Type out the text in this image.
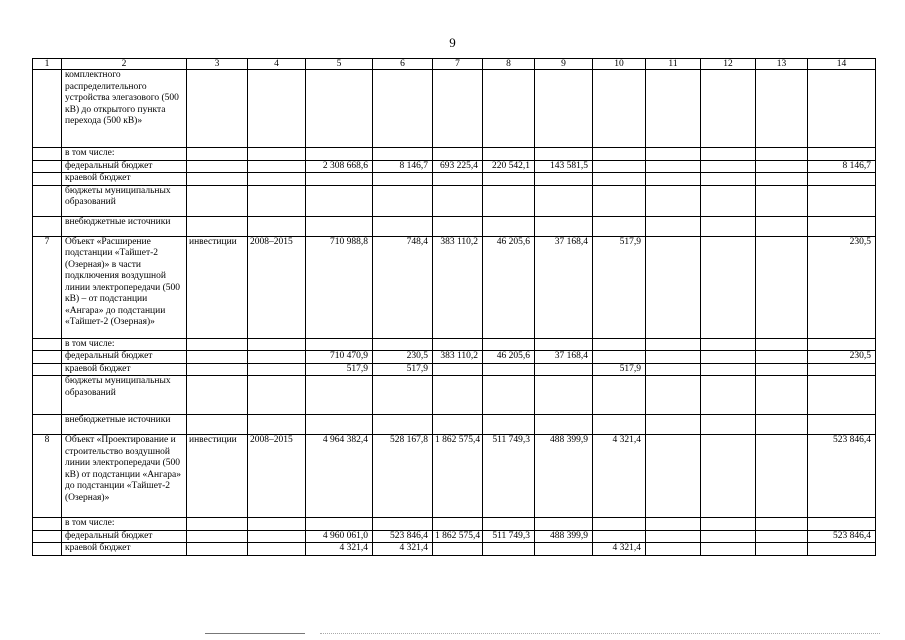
9
1	2	3	4	5	6	7	8	9	10	11	12	13	14
	комплектного распределительного устройства элегазового (500 кВ) до открытого пункта перехода (500 кВ)»												
	в том числе:												
	федеральный бюджет			2 308 668,6	8 146,7	693 225,4	220 542,1	143 581,5					8 146,7
	краевой бюджет												
	бюджеты муниципальных образований												
	внебюджетные источники												
7	Объект «Расширение подстанции «Тайшет-2 (Озерная)» в части подключения воздушной линии электропередачи (500 кВ) – от подстанции «Ангара» до подстанции «Тайшет-2 (Озерная)»	инвестиции	2008–2015	710 988,8	748,4	383 110,2	46 205,6	37 168,4	517,9				230,5
	в том числе:												
	федеральный бюджет			710 470,9	230,5	383 110,2	46 205,6	37 168,4					230,5
	краевой бюджет			517,9	517,9				517,9				
	бюджеты муниципальных образований												
	внебюджетные источники												
8	Объект «Проектирование и строительство воздушной линии электропередачи (500 кВ) от подстанции «Ангара» до подстанции «Тайшет-2 (Озерная)»	инвестиции	2008–2015	4 964 382,4	528 167,8	1 862 575,4	511 749,3	488 399,9	4 321,4				523 846,4
	в том числе:												
	федеральный бюджет			4 960 061,0	523 846,4	1 862 575,4	511 749,3	488 399,9					523 846,4
	краевой бюджет			4 321,4	4 321,4				4 321,4				
